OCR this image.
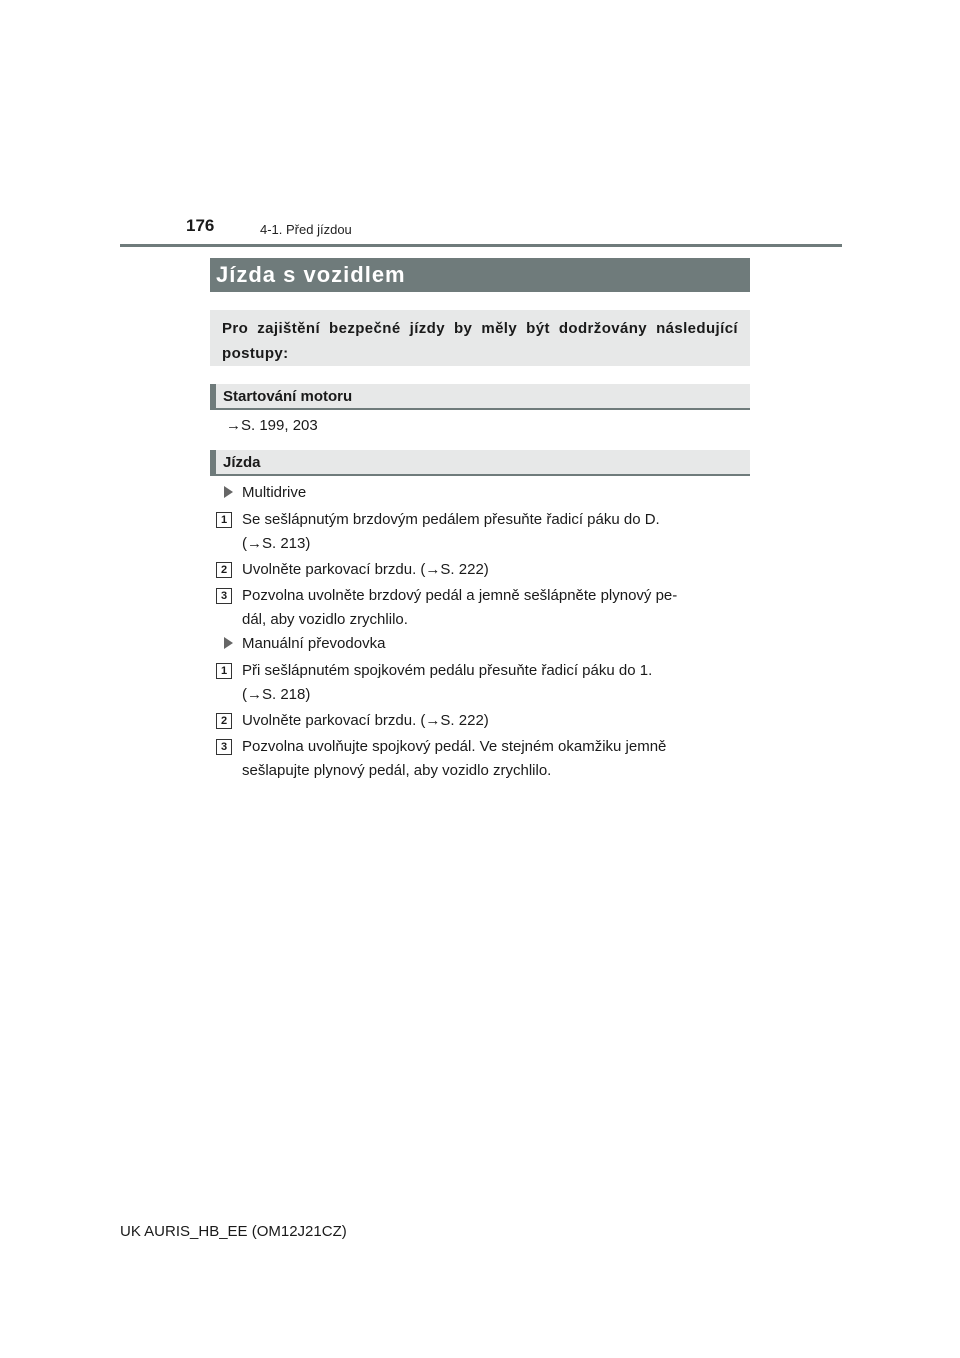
176	4-1. Před jízdou
Jízda s vozidlem
Pro zajištění bezpečné jízdy by měly být dodržovány následující postupy:
Startování motoru
→S. 199, 203
Jízda
Multidrive
1 Se sešlápnutým brzdovým pedálem přesuňte řadicí páku do D.
(→S. 213)
2 Uvolněte parkovací brzdu. (→S. 222)
3 Pozvolna uvolněte brzdový pedál a jemně sešlápněte plynový pe-
dál, aby vozidlo zrychlilo.
Manuální převodovka
1 Při sešlápnutém spojkovém pedálu přesuňte řadicí páku do 1.
(→S. 218)
2 Uvolněte parkovací brzdu. (→S. 222)
3 Pozvolna uvolňujte spojkový pedál. Ve stejném okamžiku jemně
sešlapujte plynový pedál, aby vozidlo zrychlilo.
UK AURIS_HB_EE (OM12J21CZ)
